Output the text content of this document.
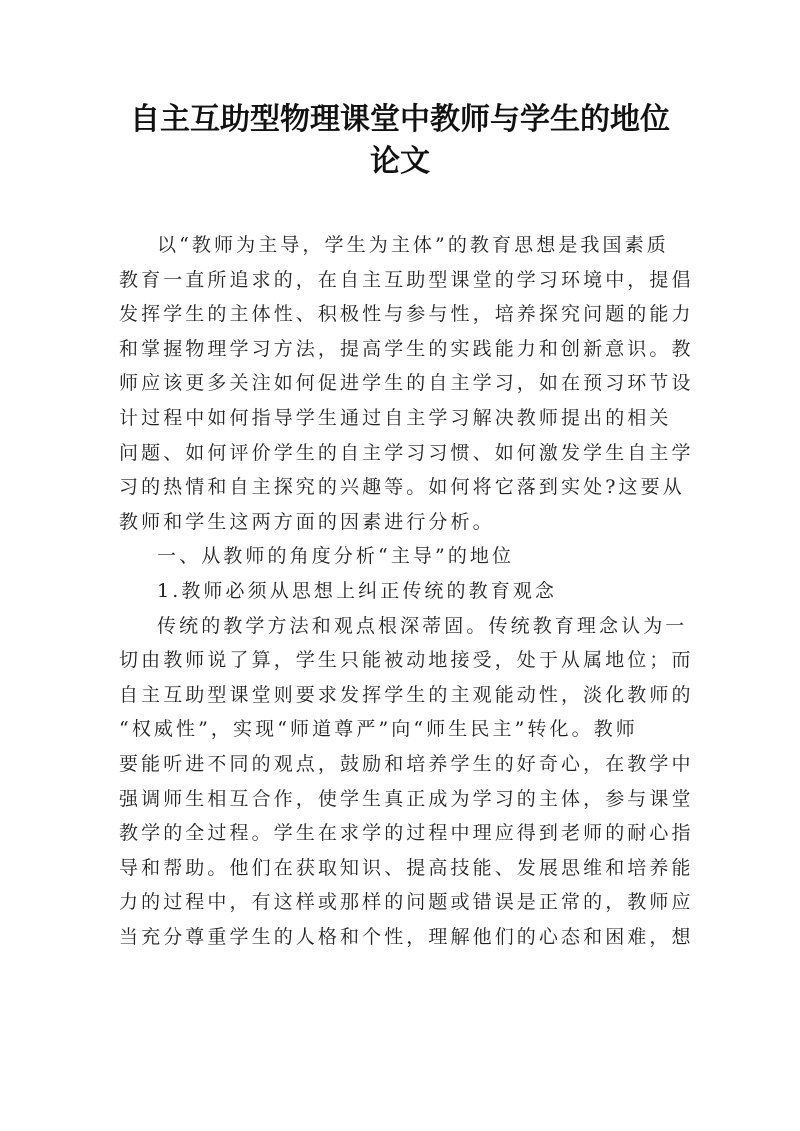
自主互助型物理课堂中教师与学生的地位
论文
以“教师为主导，学生为主体”的教育思想是我国素质
教育一直所追求的，在自主互助型课堂的学习环境中，提倡
发挥学生的主体性、积极性与参与性，培养探究问题的能力
和掌握物理学习方法，提高学生的实践能力和创新意识。教
师应该更多关注如何促进学生的自主学习，如在预习环节设
计过程中如何指导学生通过自主学习解决教师提出的相关
问题、如何评价学生的自主学习习惯、如何激发学生自主学
习的热情和自主探究的兴趣等。如何将它落到实处?这要从
教师和学生这两方面的因素进行分析。
一、从教师的角度分析“主导”的地位
1.教师必须从思想上纠正传统的教育观念
传统的教学方法和观点根深蒂固。传统教育理念认为一
切由教师说了算，学生只能被动地接受，处于从属地位；而
自主互助型课堂则要求发挥学生的主观能动性，淡化教师的
“权威性”，实现“师道尊严”向“师生民主”转化。教师
要能听进不同的观点，鼓励和培养学生的好奇心，在教学中
强调师生相互合作，使学生真正成为学习的主体，参与课堂
教学的全过程。学生在求学的过程中理应得到老师的耐心指
导和帮助。他们在获取知识、提高技能、发展思维和培养能
力的过程中，有这样或那样的问题或错误是正常的，教师应
当充分尊重学生的人格和个性，理解他们的心态和困难，想
